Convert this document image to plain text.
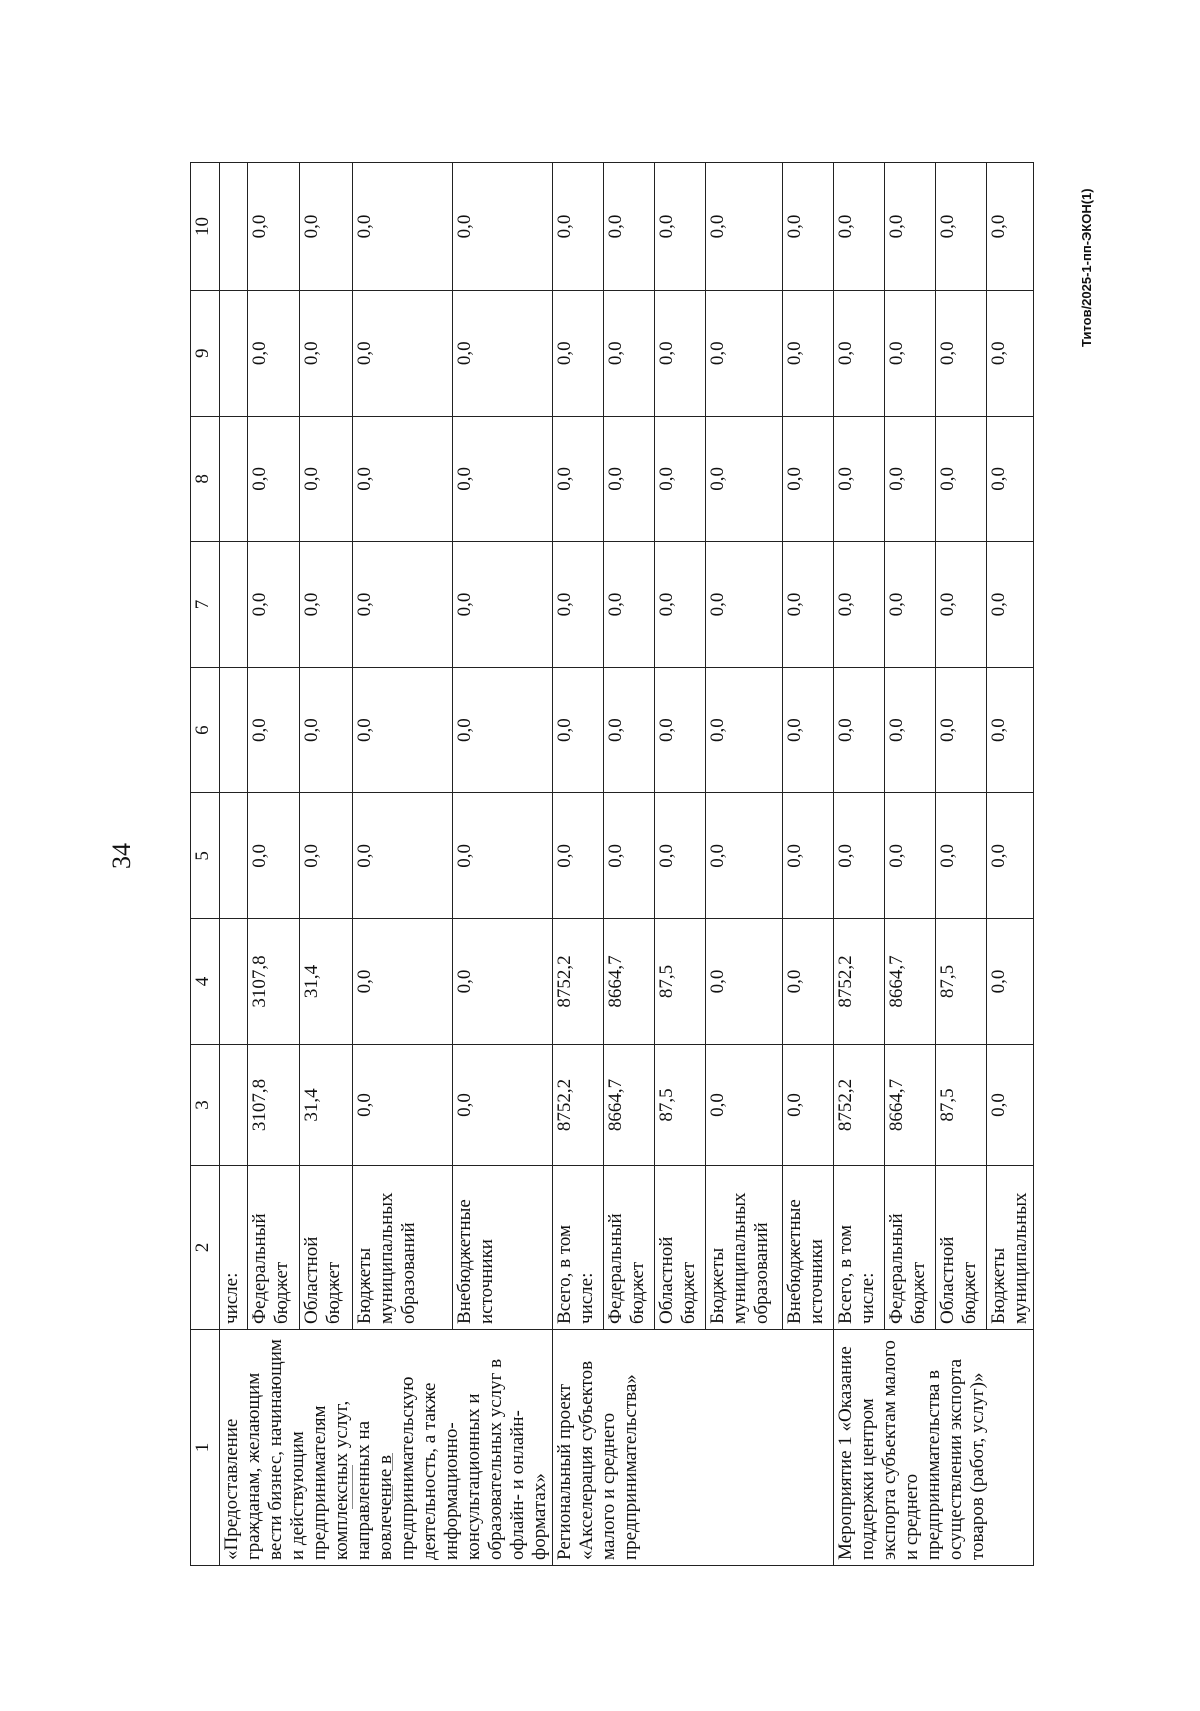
34
Титов/2025-1-пп-ЭКОН(1)
1	2	3	4	5	6	7	8	9	10
«Предоставление гражданам, желающим вести бизнес, начинающим и действующим предпринимателям комплексных услуг, направленных на вовлечение в предпринимательскую деятельность, а также информационно-консультационных и образовательных услуг в офлайн- и онлайн-форматах»	числе:								
	Федеральный бюджет	3107,8	3107,8	0,0	0,0	0,0	0,0	0,0	0,0
	Областной бюджет	31,4	31,4	0,0	0,0	0,0	0,0	0,0	0,0
	Бюджеты муниципальных образований	0,0	0,0	0,0	0,0	0,0	0,0	0,0	0,0
	Внебюджетные источники	0,0	0,0	0,0	0,0	0,0	0,0	0,0	0,0
Региональный проект «Акселерация субъектов малого и среднего предпринимательства»	Всего, в том числе:	8752,2	8752,2	0,0	0,0	0,0	0,0	0,0	0,0
	Федеральный бюджет	8664,7	8664,7	0,0	0,0	0,0	0,0	0,0	0,0
	Областной бюджет	87,5	87,5	0,0	0,0	0,0	0,0	0,0	0,0
	Бюджеты муниципальных образований	0,0	0,0	0,0	0,0	0,0	0,0	0,0	0,0
	Внебюджетные источники	0,0	0,0	0,0	0,0	0,0	0,0	0,0	0,0
Мероприятие 1 «Оказание поддержки центром экспорта субъектам малого и среднего предпринимательства в осуществлении экспорта товаров (работ, услуг)»	Всего, в том числе:	8752,2	8752,2	0,0	0,0	0,0	0,0	0,0	0,0
	Федеральный бюджет	8664,7	8664,7	0,0	0,0	0,0	0,0	0,0	0,0
	Областной бюджет	87,5	87,5	0,0	0,0	0,0	0,0	0,0	0,0
	Бюджеты муниципальных	0,0	0,0	0,0	0,0	0,0	0,0	0,0	0,0
